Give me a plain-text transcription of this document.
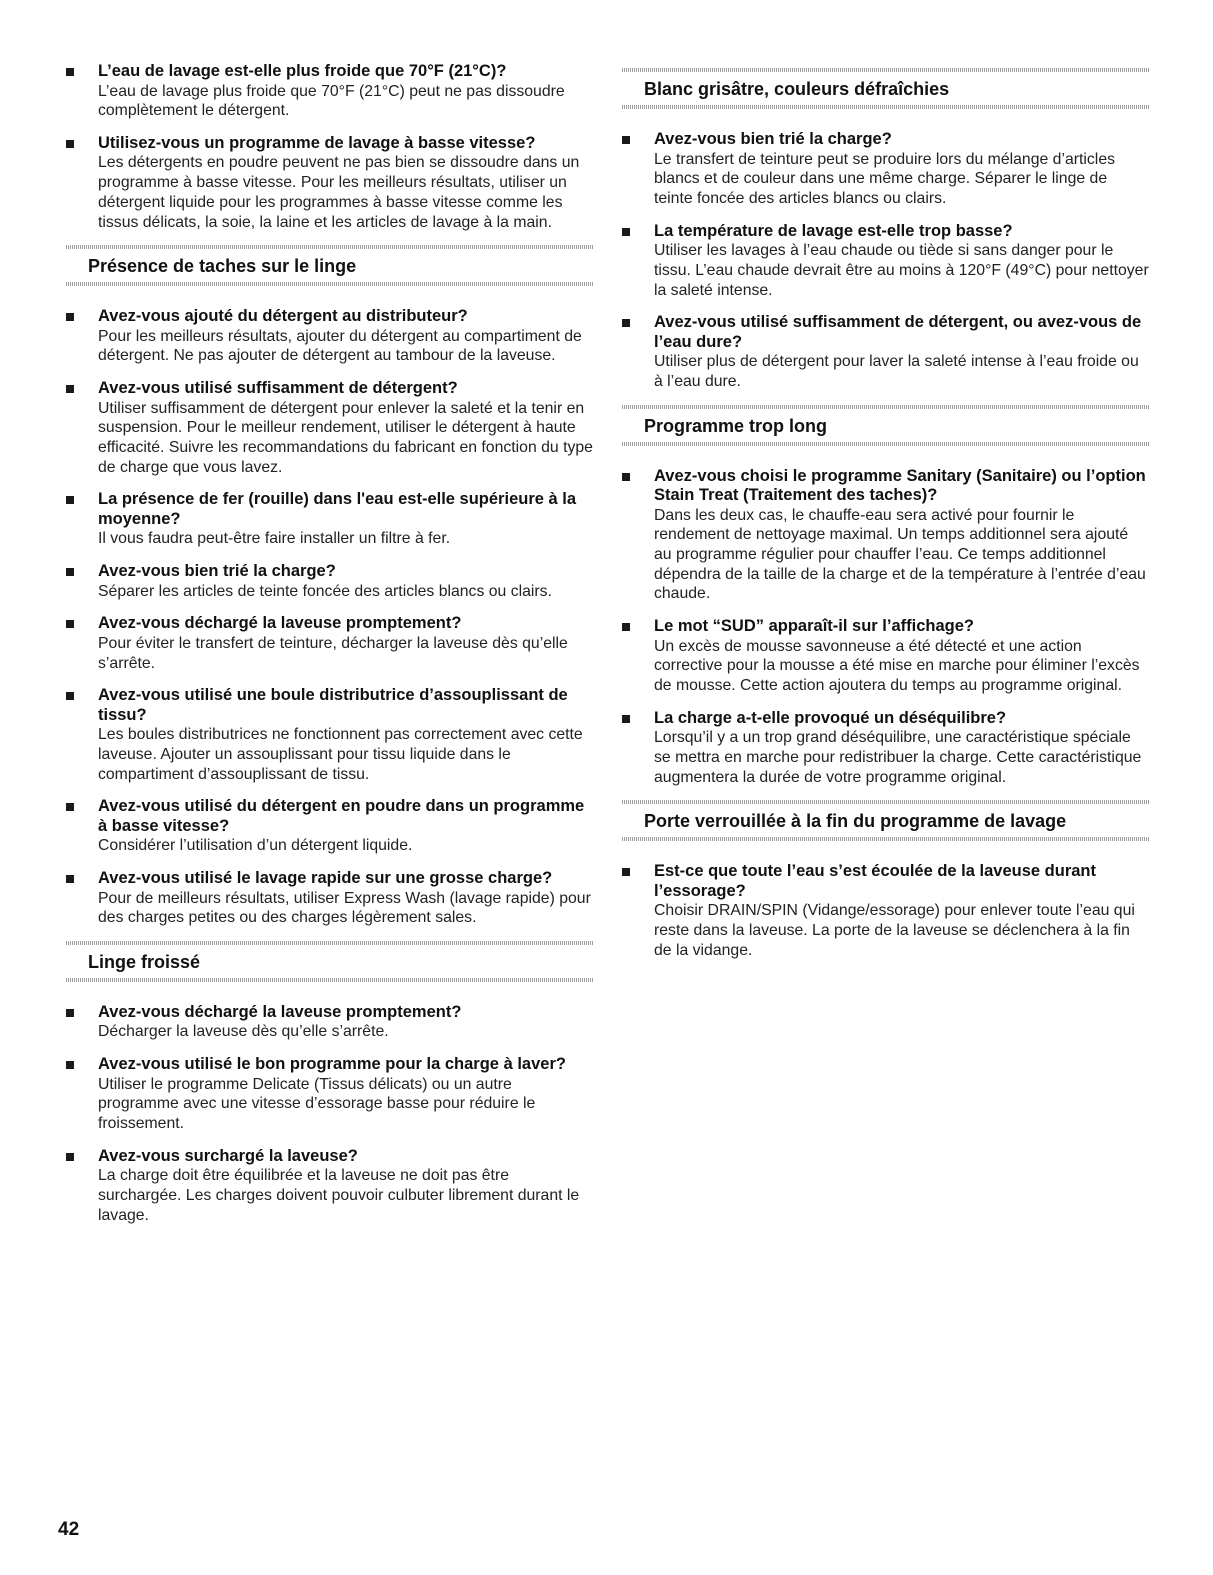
L’eau de lavage est-elle plus froide que 70°F (21°C)?

L’eau de lavage plus froide que 70°F (21°C) peut ne pas dissoudre complètement le détergent.

Utilisez-vous un programme de lavage à basse vitesse?

Les détergents en poudre peuvent ne pas bien se dissoudre dans un programme à basse vitesse. Pour les meilleurs résultats, utiliser un détergent liquide pour les programmes à basse vitesse comme les tissus délicats, la soie, la laine et les articles de lavage à la main.

Présence de taches sur le linge

Avez-vous ajouté du détergent au distributeur?

Pour les meilleurs résultats, ajouter du détergent au compartiment de détergent. Ne pas ajouter de détergent au tambour de la laveuse.

Avez-vous utilisé suffisamment de détergent?

Utiliser suffisamment de détergent pour enlever la saleté et la tenir en suspension. Pour le meilleur rendement, utiliser le détergent à haute efficacité. Suivre les recommandations du fabricant en fonction du type de charge que vous lavez.

La présence de fer (rouille) dans l'eau est-elle supérieure à la moyenne?

Il vous faudra peut-être faire installer un filtre à fer.

Avez-vous bien trié la charge?

Séparer les articles de teinte foncée des articles blancs ou clairs.

Avez-vous déchargé la laveuse promptement?

Pour éviter le transfert de teinture, décharger la laveuse dès qu’elle s’arrête.

Avez-vous utilisé une boule distributrice d’assouplissant de tissu?

Les boules distributrices ne fonctionnent pas correctement avec cette laveuse. Ajouter un assouplissant pour tissu liquide dans le compartiment d’assouplissant de tissu.

Avez-vous utilisé du détergent en poudre dans un programme à basse vitesse?

Considérer l’utilisation d’un détergent liquide.

Avez-vous utilisé le lavage rapide sur une grosse charge?

Pour de meilleurs résultats, utiliser Express Wash (lavage rapide) pour des charges petites ou des charges légèrement sales.

Linge froissé

Avez-vous déchargé la laveuse promptement?

Décharger la laveuse dès qu’elle s’arrête.

Avez-vous utilisé le bon programme pour la charge à laver?

Utiliser le programme Delicate (Tissus délicats) ou un autre programme avec une vitesse d’essorage basse pour réduire le froissement.

Avez-vous surchargé la laveuse?

La charge doit être équilibrée et la laveuse ne doit pas être surchargée. Les charges doivent pouvoir culbuter librement durant le lavage.

Blanc grisâtre, couleurs défraîchies

Avez-vous bien trié la charge?

Le transfert de teinture peut se produire lors du mélange d’articles blancs et de couleur dans une même charge. Séparer le linge de teinte foncée des articles blancs ou clairs.

La température de lavage est-elle trop basse?

Utiliser les lavages à l’eau chaude ou tiède si sans danger pour le tissu. L’eau chaude devrait être au moins à 120°F (49°C) pour nettoyer la saleté intense.

Avez-vous utilisé suffisamment de détergent, ou avez-vous de l’eau dure?

Utiliser plus de détergent pour laver la saleté intense à l’eau froide ou à l’eau dure.

Programme trop long

Avez-vous choisi le programme Sanitary (Sanitaire) ou l’option Stain Treat (Traitement des taches)?

Dans les deux cas, le chauffe-eau sera activé pour fournir le rendement de nettoyage maximal. Un temps additionnel sera ajouté au programme régulier pour chauffer l’eau. Ce temps additionnel dépendra de la taille de la charge et de la température à l’entrée d’eau chaude.

Le mot “SUD” apparaît-il sur l’affichage?

Un excès de mousse savonneuse a été détecté et une action corrective pour la mousse a été mise en marche pour éliminer l’excès de mousse. Cette action ajoutera du temps au programme original.

La charge a-t-elle provoqué un déséquilibre?

Lorsqu’il y a un trop grand déséquilibre, une caractéristique spéciale se mettra en marche pour redistribuer la charge. Cette caractéristique augmentera la durée de votre programme original.

Porte verrouillée à la fin du programme de lavage

Est-ce que toute l’eau s’est écoulée de la laveuse durant l’essorage?

Choisir DRAIN/SPIN (Vidange/essorage) pour enlever toute l’eau qui reste dans la laveuse. La porte de la laveuse se déclenchera à la fin de la vidange.

42
